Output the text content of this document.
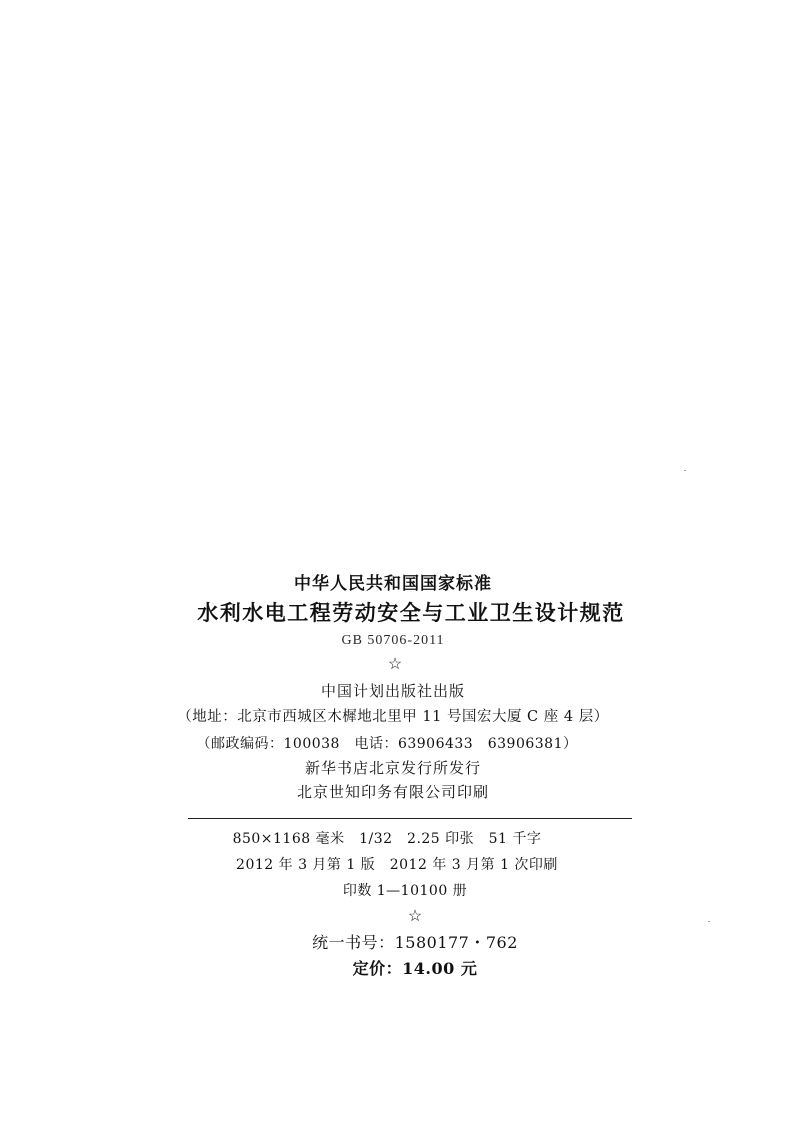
中华人民共和国国家标准
水利水电工程劳动安全与工业卫生设计规范
GB 50706-2011
☆
中国计划出版社出版
（地址：北京市西城区木樨地北里甲 11 号国宏大厦 C 座 4 层）
（邮政编码：100038　电话：63906433　63906381）
新华书店北京发行所发行
北京世知印务有限公司印刷
850×1168 毫米　1/32　2.25 印张　51 千字
2012 年 3 月第 1 版　2012 年 3 月第 1 次印刷
印数 1—10100 册
☆
统一书号：1580177・762
定价：14.00 元
